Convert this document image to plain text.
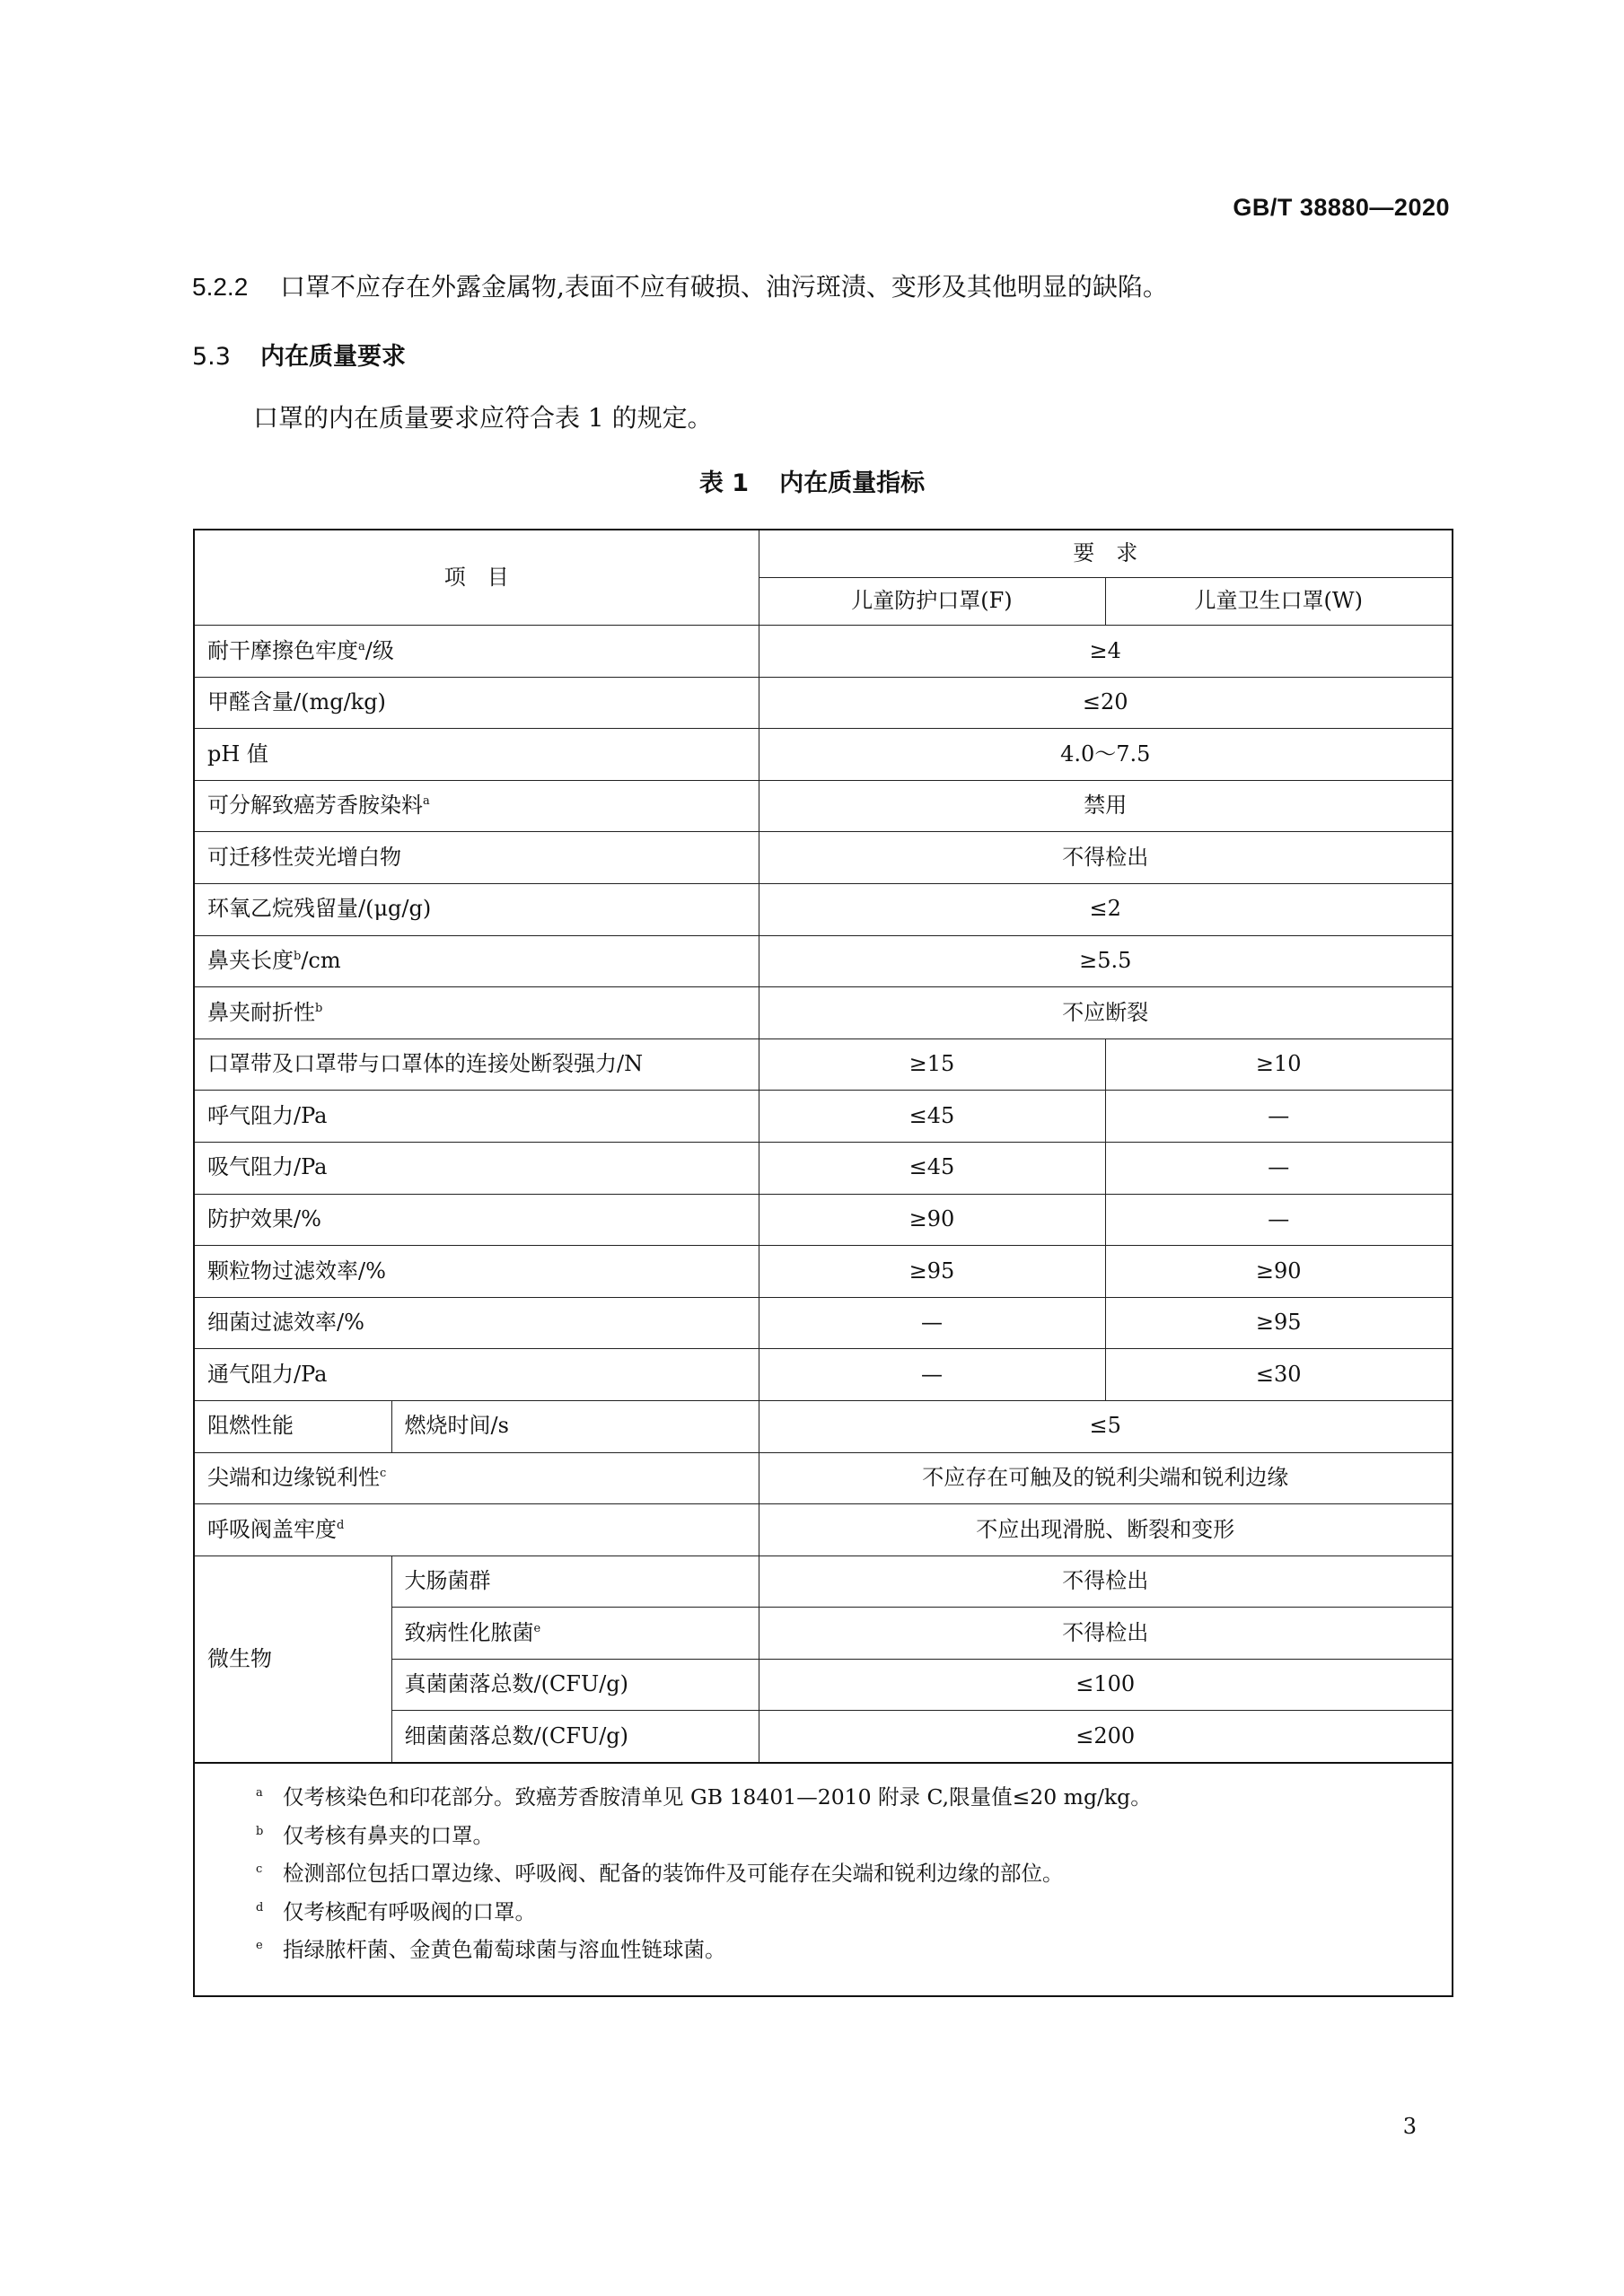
GB/T 38880—2020
5.2.2 口罩不应存在外露金属物,表面不应有破损、油污斑渍、变形及其他明显的缺陷。
5.3 内在质量要求
口罩的内在质量要求应符合表 1 的规定。
表 1 内在质量指标
项　目		要　求	
		儿童防护口罩(F)	儿童卫生口罩(W)
耐干摩擦色牢度$^a$/级		≥4	
甲醛含量/(mg/kg)		≤20	
pH 值		4.0～7.5	
可分解致癌芳香胺染料$^a$		禁用	
可迁移性荧光增白物		不得检出	
环氧乙烷残留量/(μg/g)		≤2	
鼻夹长度$^b$/cm		≥5.5	
鼻夹耐折性$^b$		不应断裂	
口罩带及口罩带与口罩体的连接处断裂强力/N		≥15	≥10
呼气阻力/Pa		≤45	—
吸气阻力/Pa		≤45	—
防护效果/%		≥90	—
颗粒物过滤效率/%		≥95	≥90
细菌过滤效率/%		—	≥95
通气阻力/Pa		—	≤30
阻燃性能	燃烧时间/s	≤5	
尖端和边缘锐利性$^c$		不应存在可触及的锐利尖端和锐利边缘	
呼吸阀盖牢度$^d$		不应出现滑脱、断裂和变形	
微生物	大肠菌群	不得检出	
	致病性化脓菌$^e$	不得检出	
	真菌菌落总数/(CFU/g)	≤100	
	细菌菌落总数/(CFU/g)	≤200	

$^a$ 仅考核染色和印花部分。致癌芳香胺清单见 GB 18401—2010 附录 C,限量值≤20 mg/kg。
$^b$ 仅考核有鼻夹的口罩。
$^c$ 检测部位包括口罩边缘、呼吸阀、配备的装饰件及可能存在尖端和锐利边缘的部位。
$^d$ 仅考核配有呼吸阀的口罩。
$^e$ 指绿脓杆菌、金黄色葡萄球菌与溶血性链球菌。			
3
